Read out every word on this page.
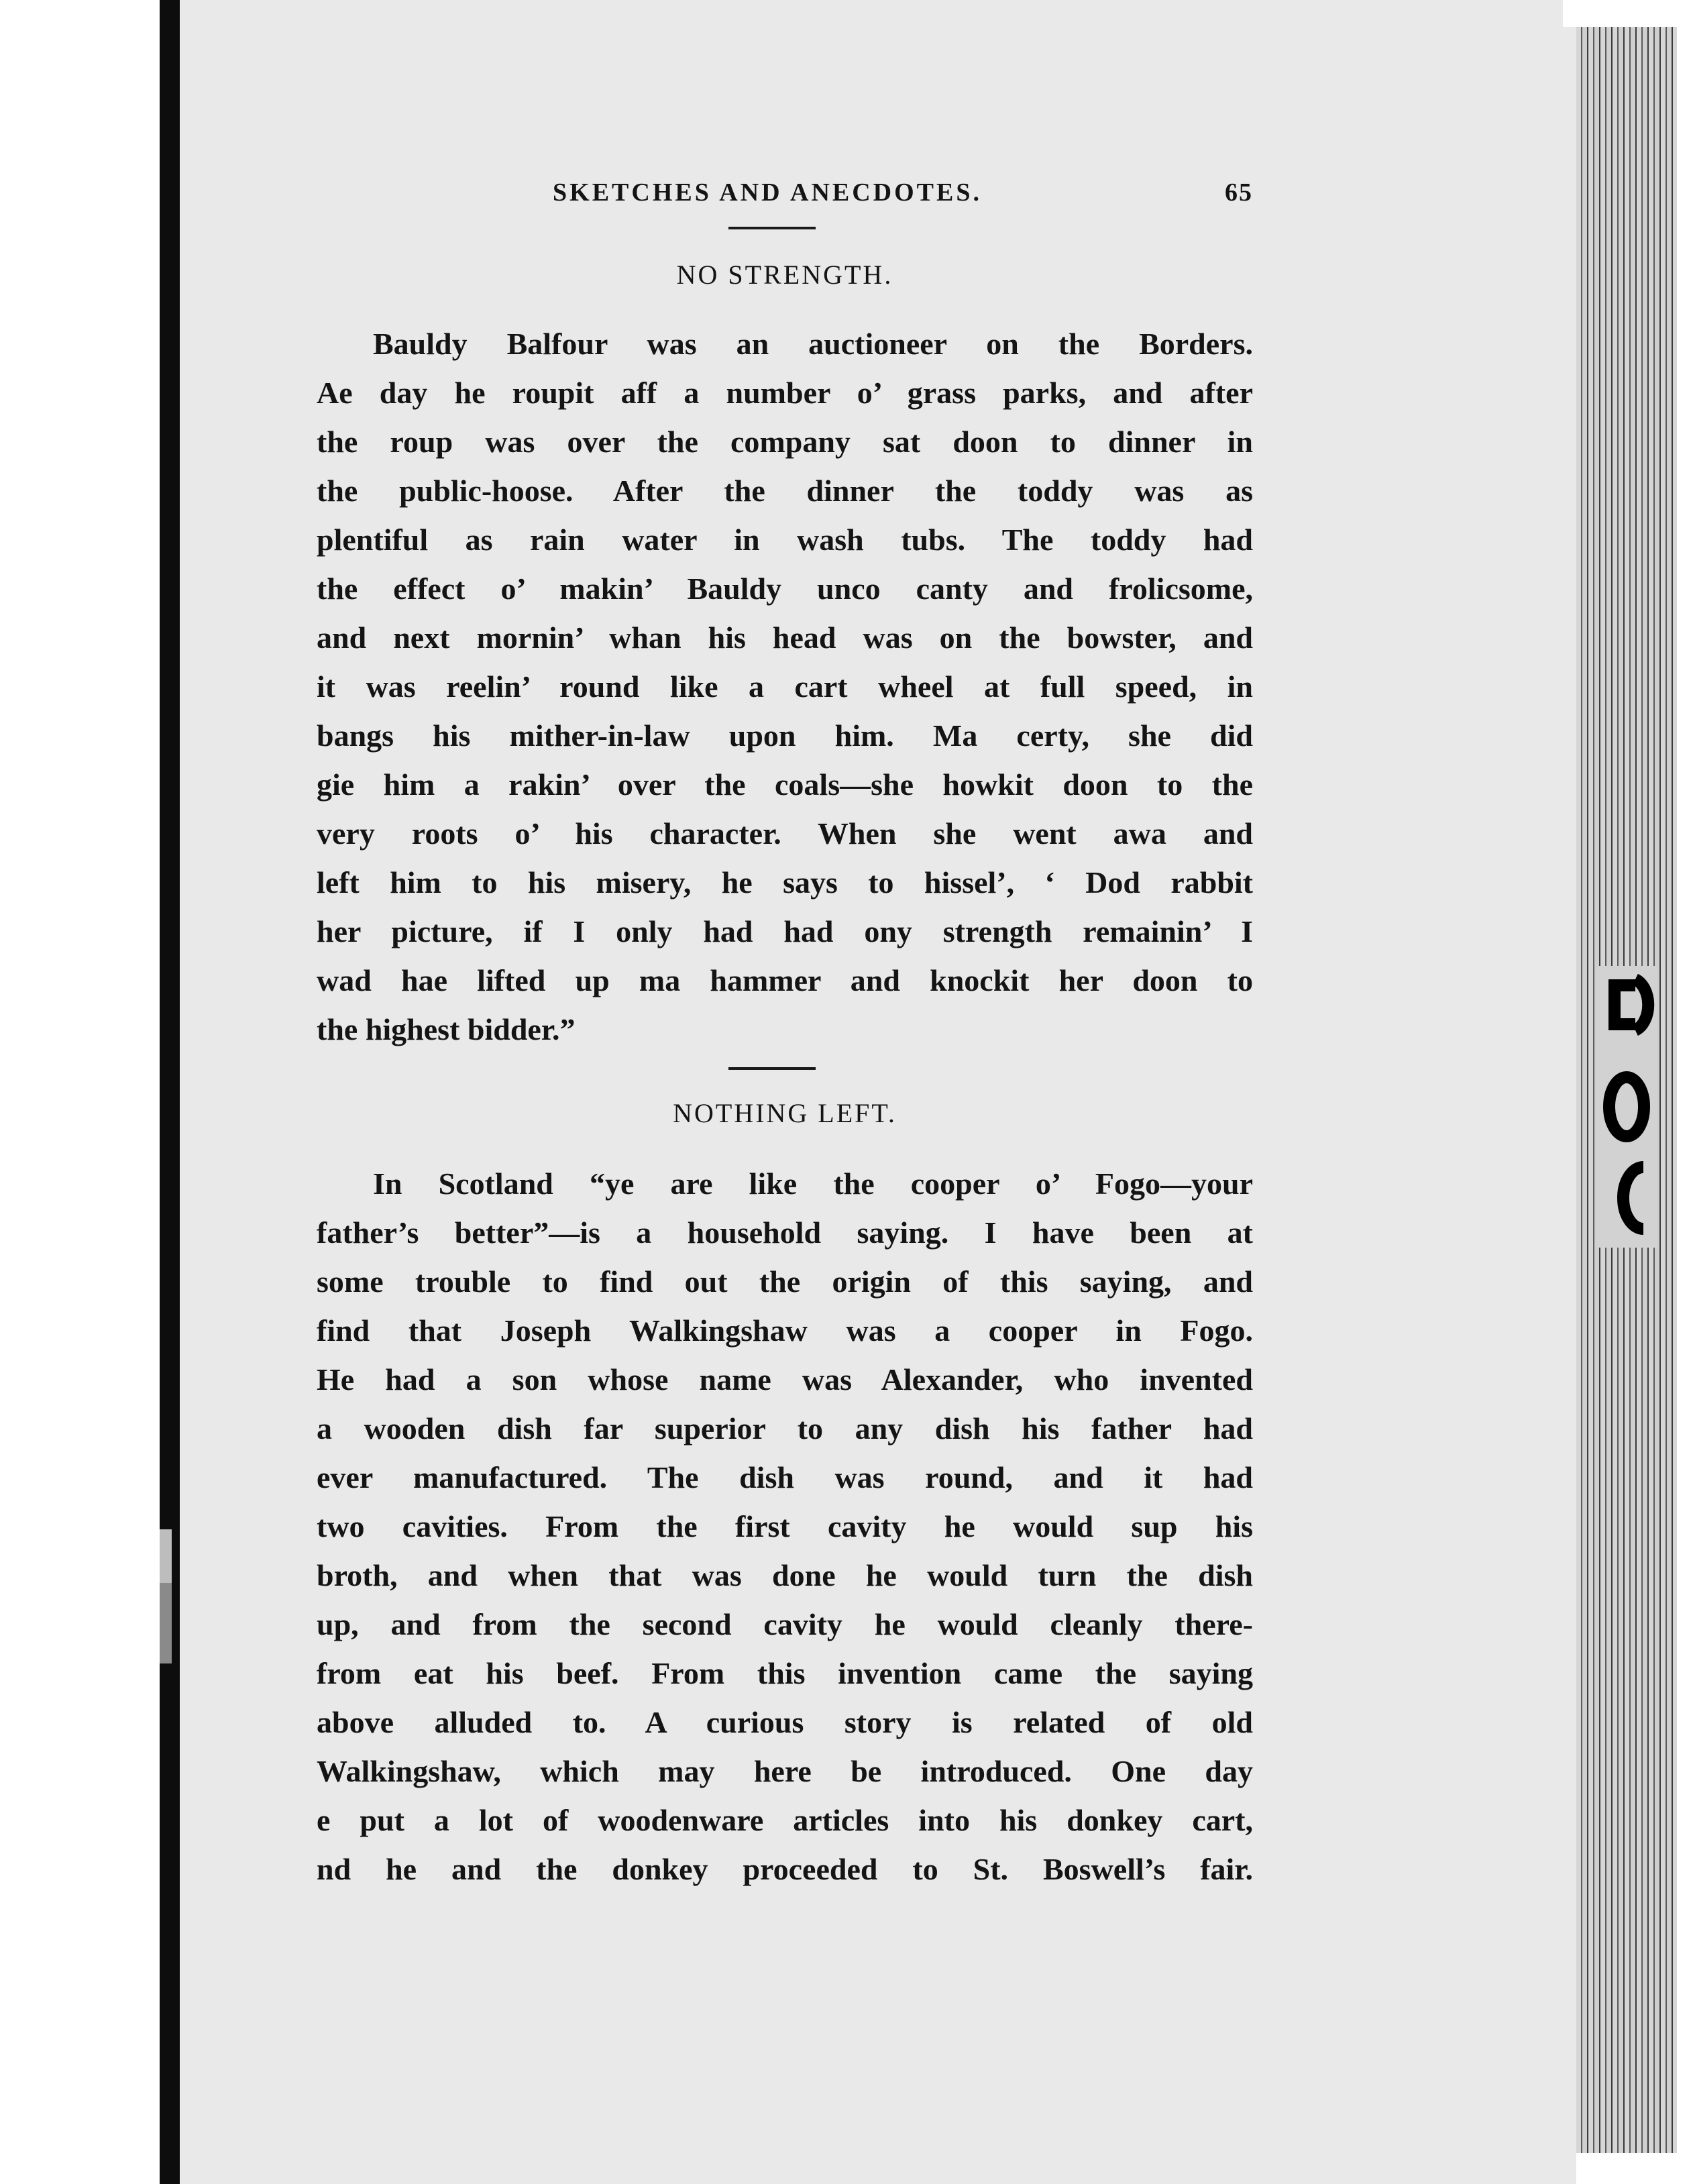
SKETCHES AND ANECDOTES.	65
NO STRENGTH.
Bauldy Balfour was an auctioneer on the Borders.
Ae day he roupit aff a number o’ grass parks, and after
the roup was over the company sat doon to dinner in
the public-hoose. After the dinner the toddy was as
plentiful as rain water in wash tubs. The toddy had
the effect o’ makin’ Bauldy unco canty and frolicsome,
and next mornin’ whan his head was on the bowster, and
it was reelin’ round like a cart wheel at full speed, in
bangs his mither-in-law upon him. Ma certy, she did
gie him a rakin’ over the coals—she howkit doon to the
very roots o’ his character. When she went awa and
left him to his misery, he says to hissel’, ‘ Dod rabbit
her picture, if I only had had ony strength remainin’ I
wad hae lifted up ma hammer and knockit her doon to
the highest bidder.”
NOTHING LEFT.
In Scotland “ye are like the cooper o’ Fogo—your
father’s better”—is a household saying. I have been at
some trouble to find out the origin of this saying, and
find that Joseph Walkingshaw was a cooper in Fogo.
He had a son whose name was Alexander, who invented
a wooden dish far superior to any dish his father had
ever manufactured. The dish was round, and it had
two cavities. From the first cavity he would sup his
broth, and when that was done he would turn the dish
up, and from the second cavity he would cleanly there-
from eat his beef. From this invention came the saying
above alluded to. A curious story is related of old
Walkingshaw, which may here be introduced. One day
e put a lot of woodenware articles into his donkey cart,
nd he and the donkey proceeded to St. Boswell’s fair.
